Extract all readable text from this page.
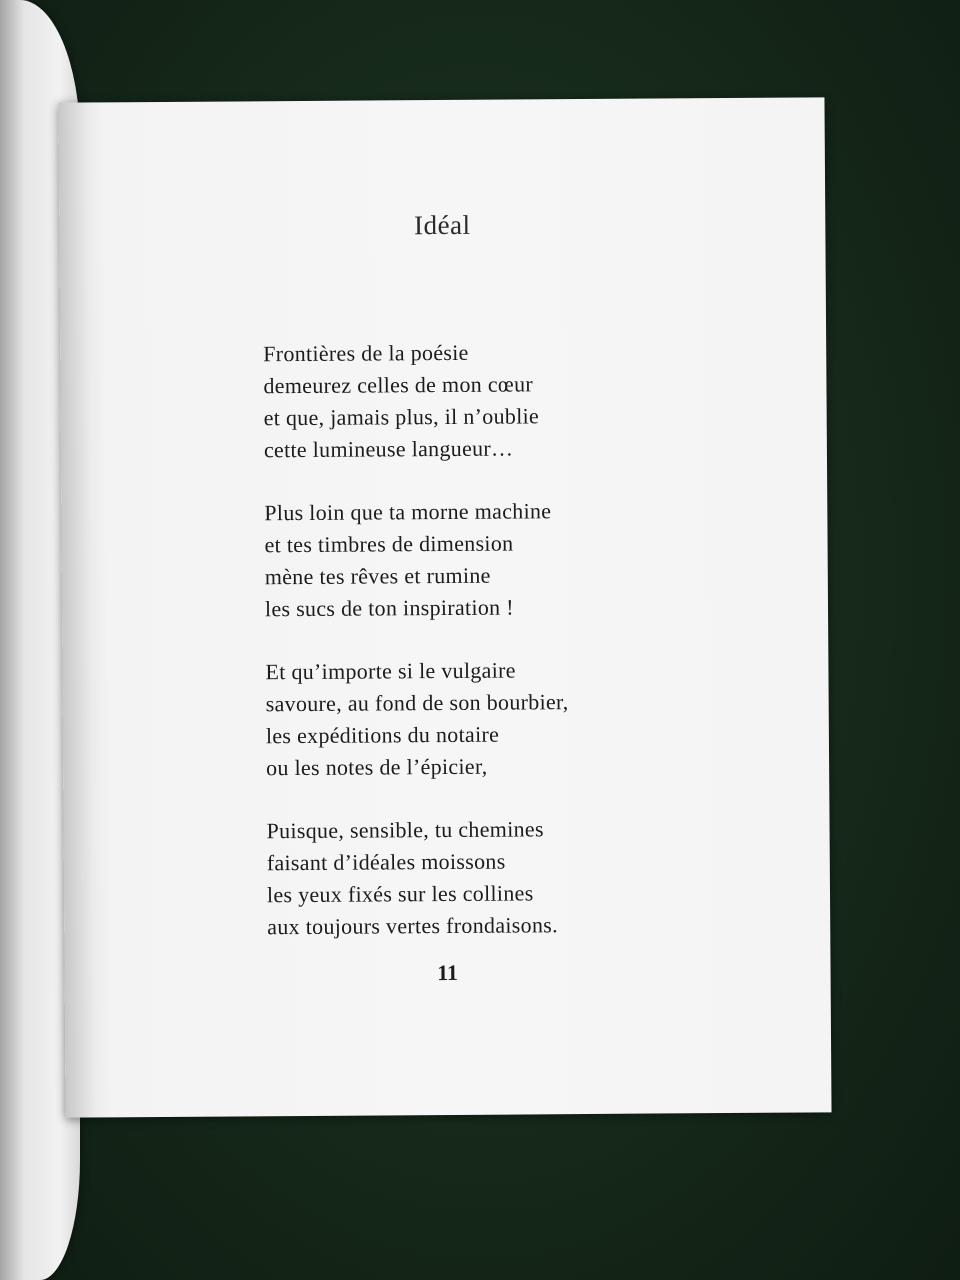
Idéal
Frontières de la poésie
demeurez celles de mon cœur
et que, jamais plus, il n’oublie
cette lumineuse langueur…
Plus loin que ta morne machine
et tes timbres de dimension
mène tes rêves et rumine
les sucs de ton inspiration !
Et qu’importe si le vulgaire
savoure, au fond de son bourbier,
les expéditions du notaire
ou les notes de l’épicier,
Puisque, sensible, tu chemines
faisant d’idéales moissons
les yeux fixés sur les collines
aux toujours vertes frondaisons.
11
